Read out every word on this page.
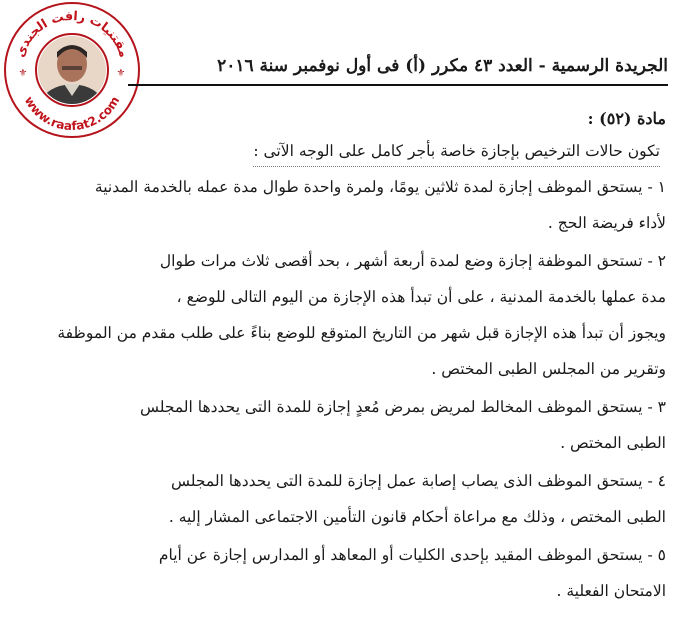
مقتنيات رافت الجندى
www.raafat2.com
⚜	⚜	الجريدة الرسمية - العدد ٤٣ مكرر (أ) فى أول نوفمبر سنة ٢٠١٦
مادة (٥٢) :
تكون حالات الترخيص بإجازة خاصة بأجر كامل على الوجه الآتى :
١ - يستحق الموظف إجازة لمدة ثلاثين يومًا، ولمرة واحدة طوال مدة عمله بالخدمة المدنية
لأداء فريضة الحج .
٢ - تستحق الموظفة إجازة وضع لمدة أربعة أشهر ، بحد أقصى ثلاث مرات طوال
مدة عملها بالخدمة المدنية ، على أن تبدأ هذه الإجازة من اليوم التالى للوضع ،
ويجوز أن تبدأ هذه الإجازة قبل شهر من التاريخ المتوقع للوضع بناءً على طلب مقدم من الموظفة
وتقرير من المجلس الطبى المختص .
٣ - يستحق الموظف المخالط لمريض بمرض مُعدٍ إجازة للمدة التى يحددها المجلس
الطبى المختص .
٤ - يستحق الموظف الذى يصاب إصابة عمل إجازة للمدة التى يحددها المجلس
الطبى المختص ، وذلك مع مراعاة أحكام قانون التأمين الاجتماعى المشار إليه .
٥ - يستحق الموظف المقيد بإحدى الكليات أو المعاهد أو المدارس إجازة عن أيام
الامتحان الفعلية .
